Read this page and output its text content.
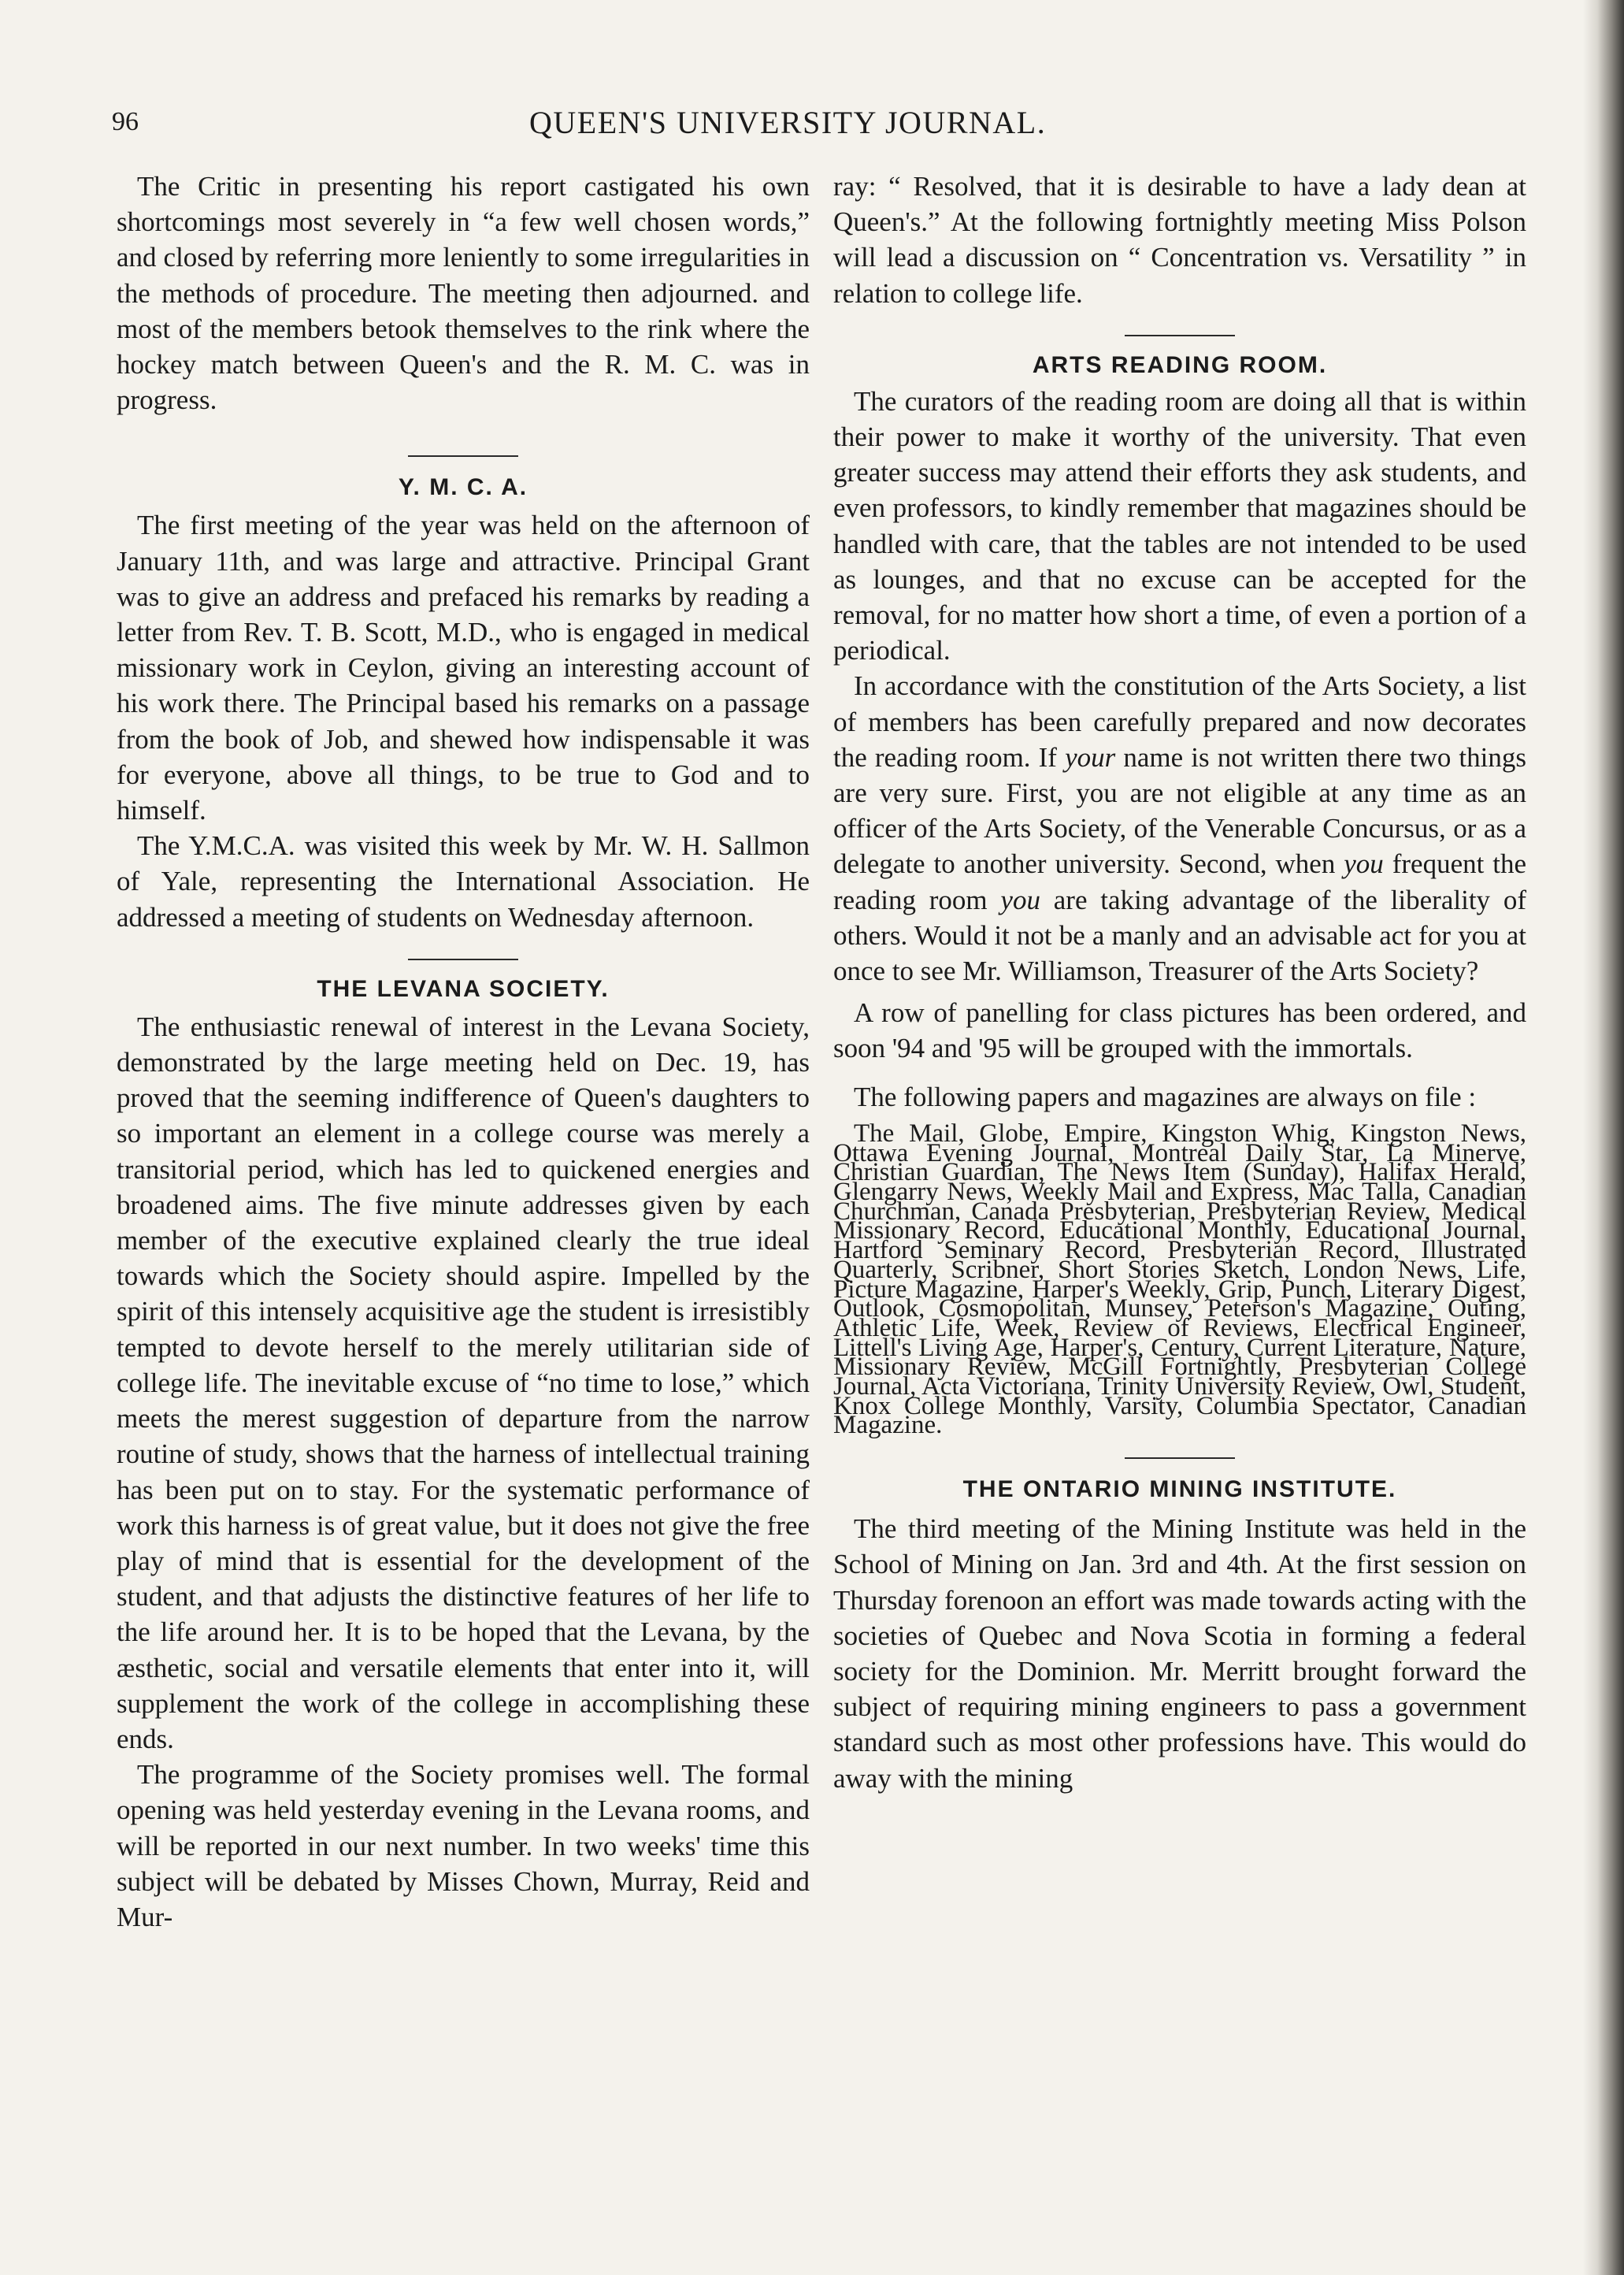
96	QUEEN'S UNIVERSITY JOURNAL.

The Critic in presenting his report castigated his own shortcomings most severely in “a few well chosen words,” and closed by referring more leniently to some irregularities in the methods of procedure. The meeting then adjourned. and most of the members betook themselves to the rink where the hockey match between Queen's and the R. M. C. was in progress.

Y. M. C. A.

The first meeting of the year was held on the afternoon of January 11th, and was large and attractive. Principal Grant was to give an address and prefaced his remarks by reading a letter from Rev. T. B. Scott, M.D., who is engaged in medical missionary work in Ceylon, giving an interesting account of his work there. The Principal based his remarks on a passage from the book of Job, and shewed how indispensable it was for everyone, above all things, to be true to God and to himself.

The Y.M.C.A. was visited this week by Mr. W. H. Sallmon of Yale, representing the International Association. He addressed a meeting of students on Wednesday afternoon.

THE LEVANA SOCIETY.

The enthusiastic renewal of interest in the Levana Society, demonstrated by the large meeting held on Dec. 19, has proved that the seeming indifference of Queen's daughters to so important an element in a college course was merely a transitorial period, which has led to quickened energies and broadened aims. The five minute addresses given by each member of the executive explained clearly the true ideal towards which the Society should aspire. Impelled by the spirit of this intensely acquisitive age the student is irresistibly tempted to devote herself to the merely utilitarian side of college life. The inevitable excuse of “no time to lose,” which meets the merest suggestion of departure from the narrow routine of study, shows that the harness of intellectual training has been put on to stay. For the systematic performance of work this harness is of great value, but it does not give the free play of mind that is essential for the development of the student, and that adjusts the distinctive features of her life to the life around her. It is to be hoped that the Levana, by the æsthetic, social and versatile elements that enter into it, will supplement the work of the college in accomplishing these ends.

The programme of the Society promises well. The formal opening was held yesterday evening in the Levana rooms, and will be reported in our next number. In two weeks' time this subject will be debated by Misses Chown, Murray, Reid and Mur-

ray: “ Resolved, that it is desirable to have a lady dean at Queen's.” At the following fortnightly meeting Miss Polson will lead a discussion on “ Concentration vs. Versatility ” in relation to college life.

ARTS READING ROOM.

The curators of the reading room are doing all that is within their power to make it worthy of the university. That even greater success may attend their efforts they ask students, and even professors, to kindly remember that magazines should be handled with care, that the tables are not intended to be used as lounges, and that no excuse can be accepted for the removal, for no matter how short a time, of even a portion of a periodical.

In accordance with the constitution of the Arts Society, a list of members has been carefully prepared and now decorates the reading room. If your name is not written there two things are very sure. First, you are not eligible at any time as an officer of the Arts Society, of the Venerable Concursus, or as a delegate to another university. Second, when you frequent the reading room you are taking advantage of the liberality of others. Would it not be a manly and an advisable act for you at once to see Mr. Williamson, Treasurer of the Arts Society?

A row of panelling for class pictures has been ordered, and soon '94 and '95 will be grouped with the immortals.

The following papers and magazines are always on file :

The Mail, Globe, Empire, Kingston Whig, Kingston News, Ottawa Evening Journal, Montreal Daily Star, La Minerve, Christian Guardian, The News Item (Sunday), Halifax Herald, Glengarry News, Weekly Mail and Express, Mac Talla, Canadian Churchman, Canada Presbyterian, Presbyterian Review, Medical Missionary Record, Educational Monthly, Educational Journal, Hartford Seminary Record, Presbyterian Record, Illustrated Quarterly, Scribner, Short Stories Sketch, London News, Life, Picture Magazine, Harper's Weekly, Grip, Punch, Literary Digest, Outlook, Cosmopolitan, Munsey, Peterson's Magazine, Outing, Athletic Life, Week, Review of Reviews, Electrical Engineer, Littell's Living Age, Harper's, Century, Current Literature, Nature, Missionary Review, McGill Fortnightly, Presbyterian College Journal, Acta Victoriana, Trinity University Review, Owl, Student, Knox College Monthly, Varsity, Columbia Spectator, Canadian Magazine.

THE ONTARIO MINING INSTITUTE.

The third meeting of the Mining Institute was held in the School of Mining on Jan. 3rd and 4th. At the first session on Thursday forenoon an effort was made towards acting with the societies of Quebec and Nova Scotia in forming a federal society for the Dominion. Mr. Merritt brought forward the subject of requiring mining engineers to pass a government standard such as most other professions have. This would do away with the mining
